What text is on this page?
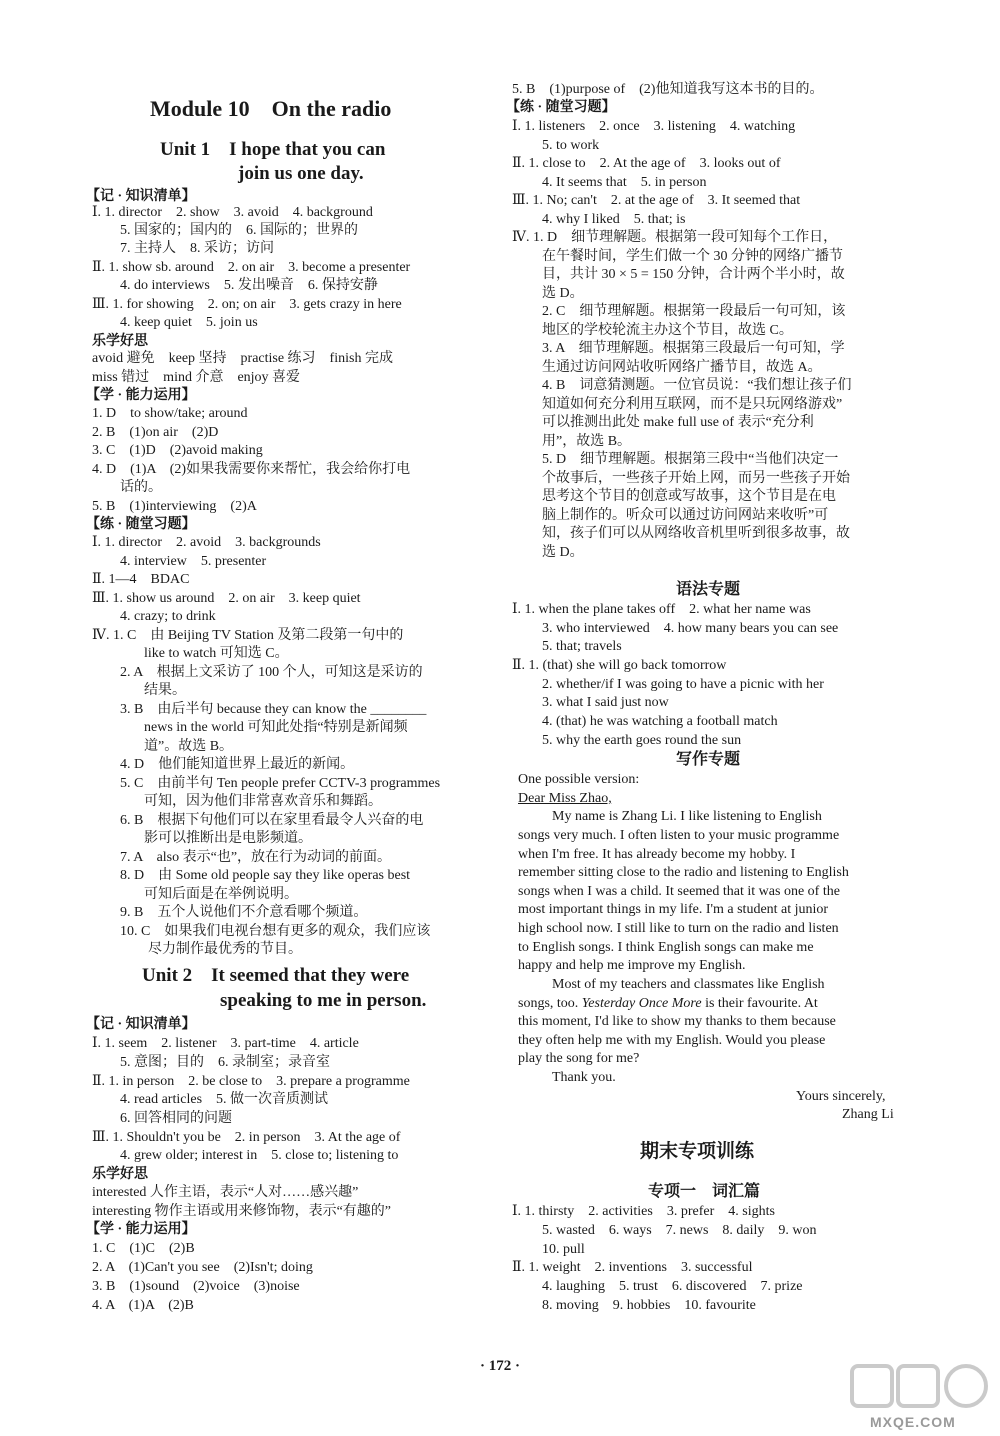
Module 10　On the radio
Unit 1　I hope that you can
join us one day.
【记 · 知识清单】
Ⅰ. 1. director　2. show　3. avoid　4. background
5. 国家的；国内的　6. 国际的；世界的
7. 主持人　8. 采访；访问
Ⅱ. 1. show sb. around　2. on air　3. become a presenter
4. do interviews　5. 发出噪音　6. 保持安静
Ⅲ. 1. for showing　2. on; on air　3. gets crazy in here
4. keep quiet　5. join us
乐学好思
avoid 避免　keep 坚持　practise 练习　finish 完成
miss 错过　mind 介意　enjoy 喜爱
【学 · 能力运用】
1. D　to show/take; around
2. B　(1)on air　(2)D
3. C　(1)D　(2)avoid making
4. D　(1)A　(2)如果我需要你来帮忙，我会给你打电
话的。
5. B　(1)interviewing　(2)A
【练 · 随堂习题】
Ⅰ. 1. director　2. avoid　3. backgrounds
4. interview　5. presenter
Ⅱ. 1—4　BDAC
Ⅲ. 1. show us around　2. on air　3. keep quiet
4. crazy; to drink
Ⅳ. 1. C　由 Beijing TV Station 及第二段第一句中的
like to watch 可知选 C。
2. A　根据上文采访了 100 个人，可知这是采访的
结果。
3. B　由后半句 because they can know the ________
news in the world 可知此处指“特别是新闻频
道”。故选 B。
4. D　他们能知道世界上最近的新闻。
5. C　由前半句 Ten people prefer CCTV-3 programmes
可知，因为他们非常喜欢音乐和舞蹈。
6. B　根据下句他们可以在家里看最令人兴奋的电
影可以推断出是电影频道。
7. A　also 表示“也”，放在行为动词的前面。
8. D　由 Some old people say they like operas best
可知后面是在举例说明。
9. B　五个人说他们不介意看哪个频道。
10. C　如果我们电视台想有更多的观众，我们应该
尽力制作最优秀的节目。
Unit 2　It seemed that they were
speaking to me in person.
【记 · 知识清单】
Ⅰ. 1. seem　2. listener　3. part-time　4. article
5. 意图；目的　6. 录制室；录音室
Ⅱ. 1. in person　2. be close to　3. prepare a programme
4. read articles　5. 做一次音质测试
6. 回答相同的问题
Ⅲ. 1. Shouldn't you be　2. in person　3. At the age of
4. grew older; interest in　5. close to; listening to
乐学好思
interested 人作主语，表示“人对……感兴趣”
interesting 物作主语或用来修饰物，表示“有趣的”
【学 · 能力运用】
1. C　(1)C　(2)B
2. A　(1)Can't you see　(2)Isn't; doing
3. B　(1)sound　(2)voice　(3)noise
4. A　(1)A　(2)B
5. B　(1)purpose of　(2)他知道我写这本书的目的。
【练 · 随堂习题】
Ⅰ. 1. listeners　2. once　3. listening　4. watching
5. to work
Ⅱ. 1. close to　2. At the age of　3. looks out of
4. It seems that　5. in person
Ⅲ. 1. No; can't　2. at the age of　3. It seemed that
4. why I liked　5. that; is
Ⅳ. 1. D　细节理解题。根据第一段可知每个工作日，
在午餐时间，学生们做一个 30 分钟的网络广播节
目，共计 30 × 5 = 150 分钟，合计两个半小时，故
选 D。
2. C　细节理解题。根据第一段最后一句可知，该
地区的学校轮流主办这个节目，故选 C。
3. A　细节理解题。根据第三段最后一句可知，学
生通过访问网站收听网络广播节目，故选 A。
4. B　词意猜测题。一位官员说：“我们想让孩子们
知道如何充分利用互联网，而不是只玩网络游戏”
可以推测出此处 make full use of 表示“充分利
用”，故选 B。
5. D　细节理解题。根据第三段中“当他们决定一
个故事后，一些孩子开始上网，而另一些孩子开始
思考这个节目的创意或写故事，这个节目是在电
脑上制作的。听众可以通过访问网站来收听”可
知，孩子们可以从网络收音机里听到很多故事，故
选 D。
语法专题
Ⅰ. 1. when the plane takes off　2. what her name was
3. who interviewed　4. how many bears you can see
5. that; travels
Ⅱ. 1. (that) she will go back tomorrow
2. whether/if I was going to have a picnic with her
3. what I said just now
4. (that) he was watching a football match
5. why the earth goes round the sun
写作专题
One possible version:
Dear Miss Zhao,
My name is Zhang Li. I like listening to English
songs very much. I often listen to your music programme
when I'm free. It has already become my hobby. I
remember sitting close to the radio and listening to English
songs when I was a child. It seemed that it was one of the
most important things in my life. I'm a student at junior
high school now. I still like to turn on the radio and listen
to English songs. I think English songs can make me
happy and help me improve my English.
Most of my teachers and classmates like English
songs, too. Yesterday Once More is their favourite. At
this moment, I'd like to show my thanks to them because
they often help me with my English. Would you please
play the song for me?
Thank you.
Yours sincerely,
Zhang Li
期末专项训练
专项一　词汇篇
Ⅰ. 1. thirsty　2. activities　3. prefer　4. sights
5. wasted　6. ways　7. news　8. daily　9. won
10. pull
Ⅱ. 1. weight　2. inventions　3. successful
4. laughing　5. trust　6. discovered　7. prize
8. moving　9. hobbies　10. favourite
· 172 ·
MXQE.COM
